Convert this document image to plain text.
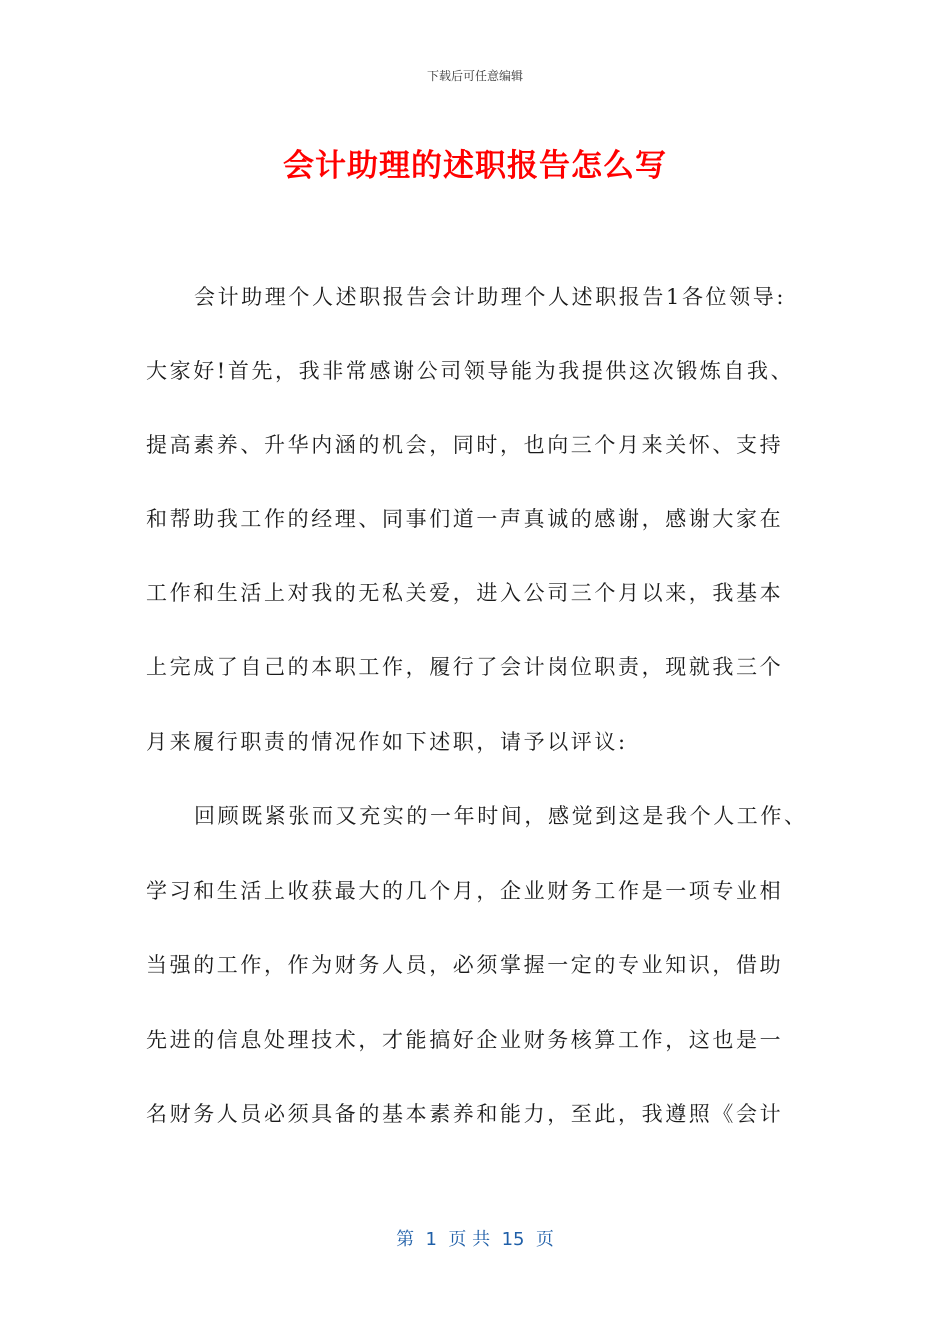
下载后可任意编辑
会计助理的述职报告怎么写
会计助理个人述职报告会计助理个人述职报告1各位领导:
大家好!首先，我非常感谢公司领导能为我提供这次锻炼自我、
提高素养、升华内涵的机会，同时，也向三个月来关怀、支持
和帮助我工作的经理、同事们道一声真诚的感谢，感谢大家在
工作和生活上对我的无私关爱，进入公司三个月以来，我基本
上完成了自己的本职工作，履行了会计岗位职责，现就我三个
月来履行职责的情况作如下述职，请予以评议:
回顾既紧张而又充实的一年时间，感觉到这是我个人工作、
学习和生活上收获最大的几个月，企业财务工作是一项专业相
当强的工作，作为财务人员，必须掌握一定的专业知识，借助
先进的信息处理技术，才能搞好企业财务核算工作，这也是一
名财务人员必须具备的基本素养和能力，至此，我遵照《会计
第  1  页 共  15  页
